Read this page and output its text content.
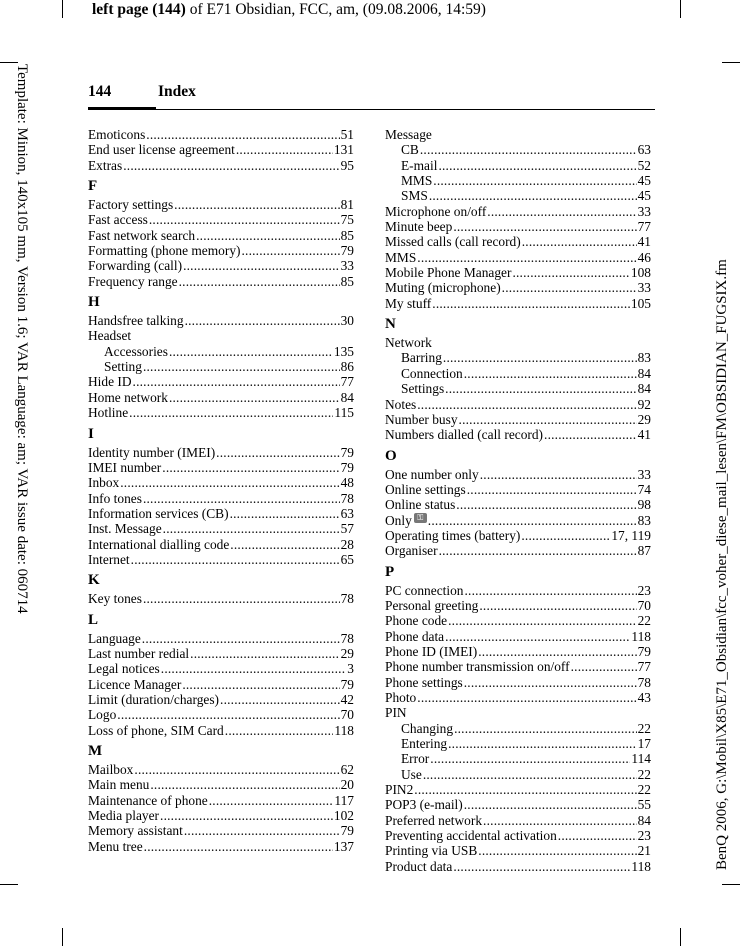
left page (144) of E71 Obsidian, FCC, am, (09.08.2006, 14:59)
Template: Minion, 140x105 mm, Version 1.6; VAR Language: am; VAR issue date: 060714	BenQ 2006, G:\Mobil\X85\E71_Obsidian\fcc_voher_diese_mail_lesen\FM\OBSIDIAN_FUGSIX.fm
144	Index
Emoticons .....	51
End user license agreement .....	131
Extras .....	95
F
Factory settings .....	81
Fast access .....	75
Fast network search .....	85
Formatting (phone memory) .....	79
Forwarding (call) .....	33
Frequency range .....	85
H
Handsfree talking .....	30
Headset
Accessories .....	135
Setting .....	86
Hide ID .....	77
Home network .....	84
Hotline .....	115
I
Identity number (IMEI) .....	79
IMEI number .....	79
Inbox .....	48
Info tones .....	78
Information services (CB) .....	63
Inst. Message .....	57
International dialling code .....	28
Internet .....	65
K
Key tones .....	78
L
Language .....	78
Last number redial .....	29
Legal notices .....	3
Licence Manager .....	79
Limit (duration/charges) .....	42
Logo .....	70
Loss of phone, SIM Card .....	118
M
Mailbox .....	62
Main menu .....	20
Maintenance of phone .....	117
Media player .....	102
Memory assistant .....	79
Menu tree .....	137
Message
CB .....	63
E-mail .....	52
MMS .....	45
SMS .....	45
Microphone on/off .....	33
Minute beep .....	77
Missed calls (call record) .....	41
MMS .....	46
Mobile Phone Manager .....	108
Muting (microphone) .....	33
My stuff .....	105
N
Network
Barring .....	83
Connection .....	84
Settings .....	84
Notes .....	92
Number busy .....	29
Numbers dialled (call record) .....	41
O
One number only .....	33
Online settings .....	74
Online status .....	98
Only ⚿ .....	83
Operating times (battery) .....	17, 119
Organiser .....	87
P
PC connection .....	23
Personal greeting .....	70
Phone code .....	22
Phone data .....	118
Phone ID (IMEI) .....	79
Phone number transmission on/off .....	77
Phone settings .....	78
Photo .....	43
PIN
Changing .....	22
Entering .....	17
Error .....	114
Use .....	22
PIN2 .....	22
POP3 (e-mail) .....	55
Preferred network .....	84
Preventing accidental activation .....	23
Printing via USB .....	21
Product data .....	118
